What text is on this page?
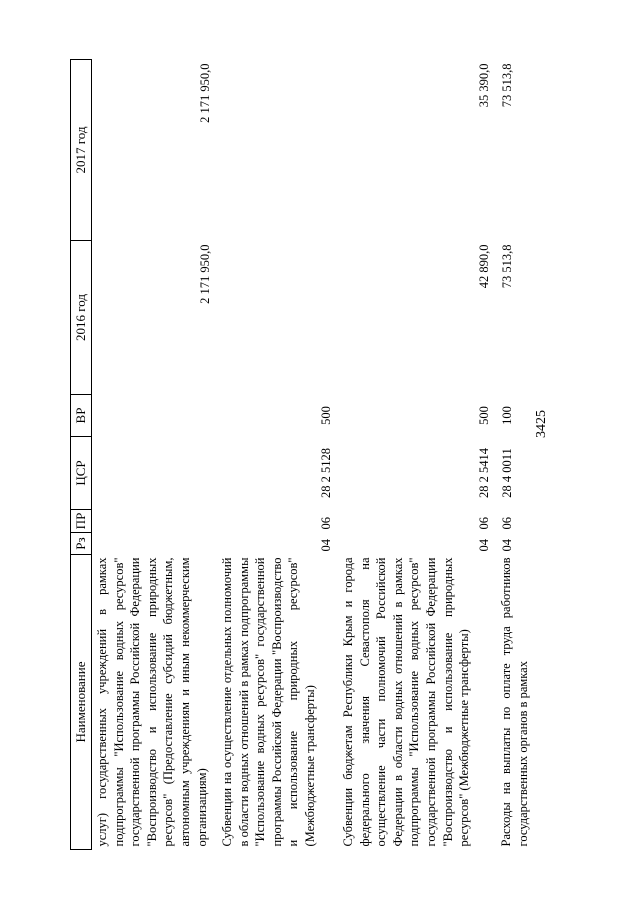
3425
Наименование	Рз	ПР	ЦСР	ВР	2016 год	2017 год
услуг) государственных учреждений в рамках подпрограммы "Использование водных ресурсов" государственной программы Российской Федерации "Воспроизводство и использование природных ресурсов" (Предоставление субсидий бюджетным, автономным учреждениям и иным некоммерческим организациям)					2 171 950,0	2 171 950,0
Субвенции на осуществление отдельных полномочий в области водных отношений в рамках подпрограммы "Использование водных ресурсов" государственной программы Российской Федерации "Воспроизводство и использование природных ресурсов" (Межбюджетные трансферты)	04	06	28 2 5128	500		
Субвенции бюджетам Республики Крым и города федерального значения Севастополя на осуществление части полномочий Российской Федерации в области водных отношений в рамках подпрограммы "Использование водных ресурсов" государственной программы Российской Федерации "Воспроизводство и использование природных ресурсов" (Межбюджетные трансферты)	04	06	28 2 5414	500	42 890,0	35 390,0
Расходы на выплаты по оплате труда работников государственных органов в рамках	04	06	28 4 0011	100	73 513,8	73 513,8
